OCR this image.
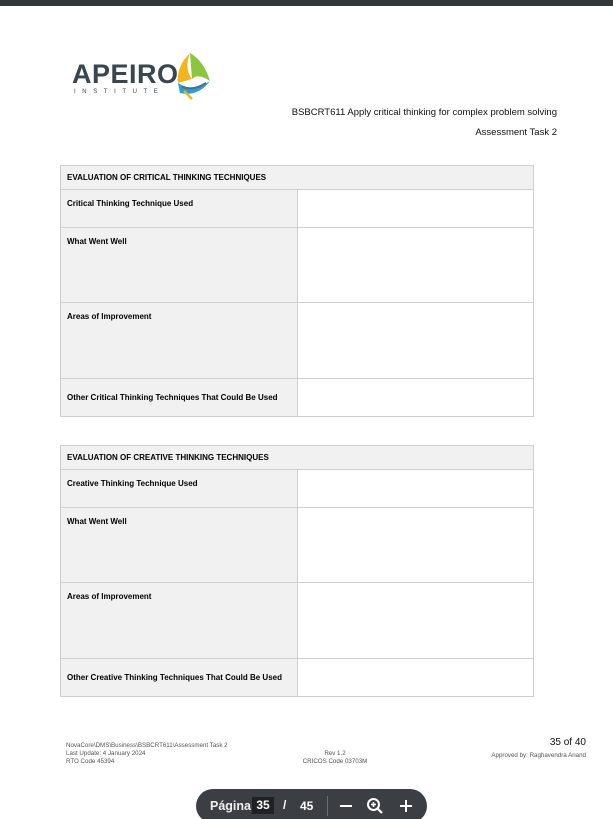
APEIRO
INSTITUTE
BSBCRT611 Apply critical thinking for complex problem solving
Assessment Task 2
EVALUATION OF CRITICAL THINKING TECHNIQUES	
Critical Thinking Technique Used	
What Went Well	
Areas of Improvement	
Other Critical Thinking Techniques That Could Be Used	
EVALUATION OF CREATIVE THINKING TECHNIQUES	
Creative Thinking Technique Used	
What Went Well	
Areas of Improvement	
Other Creative Thinking Techniques That Could Be Used	
NovaCore\DMS\Business\BSBCRT611\Assessment Task 2
Last Update: 4 January 2024
RTO Code 45394
Rev 1.2
CRICOS Code 03703M
35 of 40
Approved by: Raghavendra Anand
Página 35	/ 45
